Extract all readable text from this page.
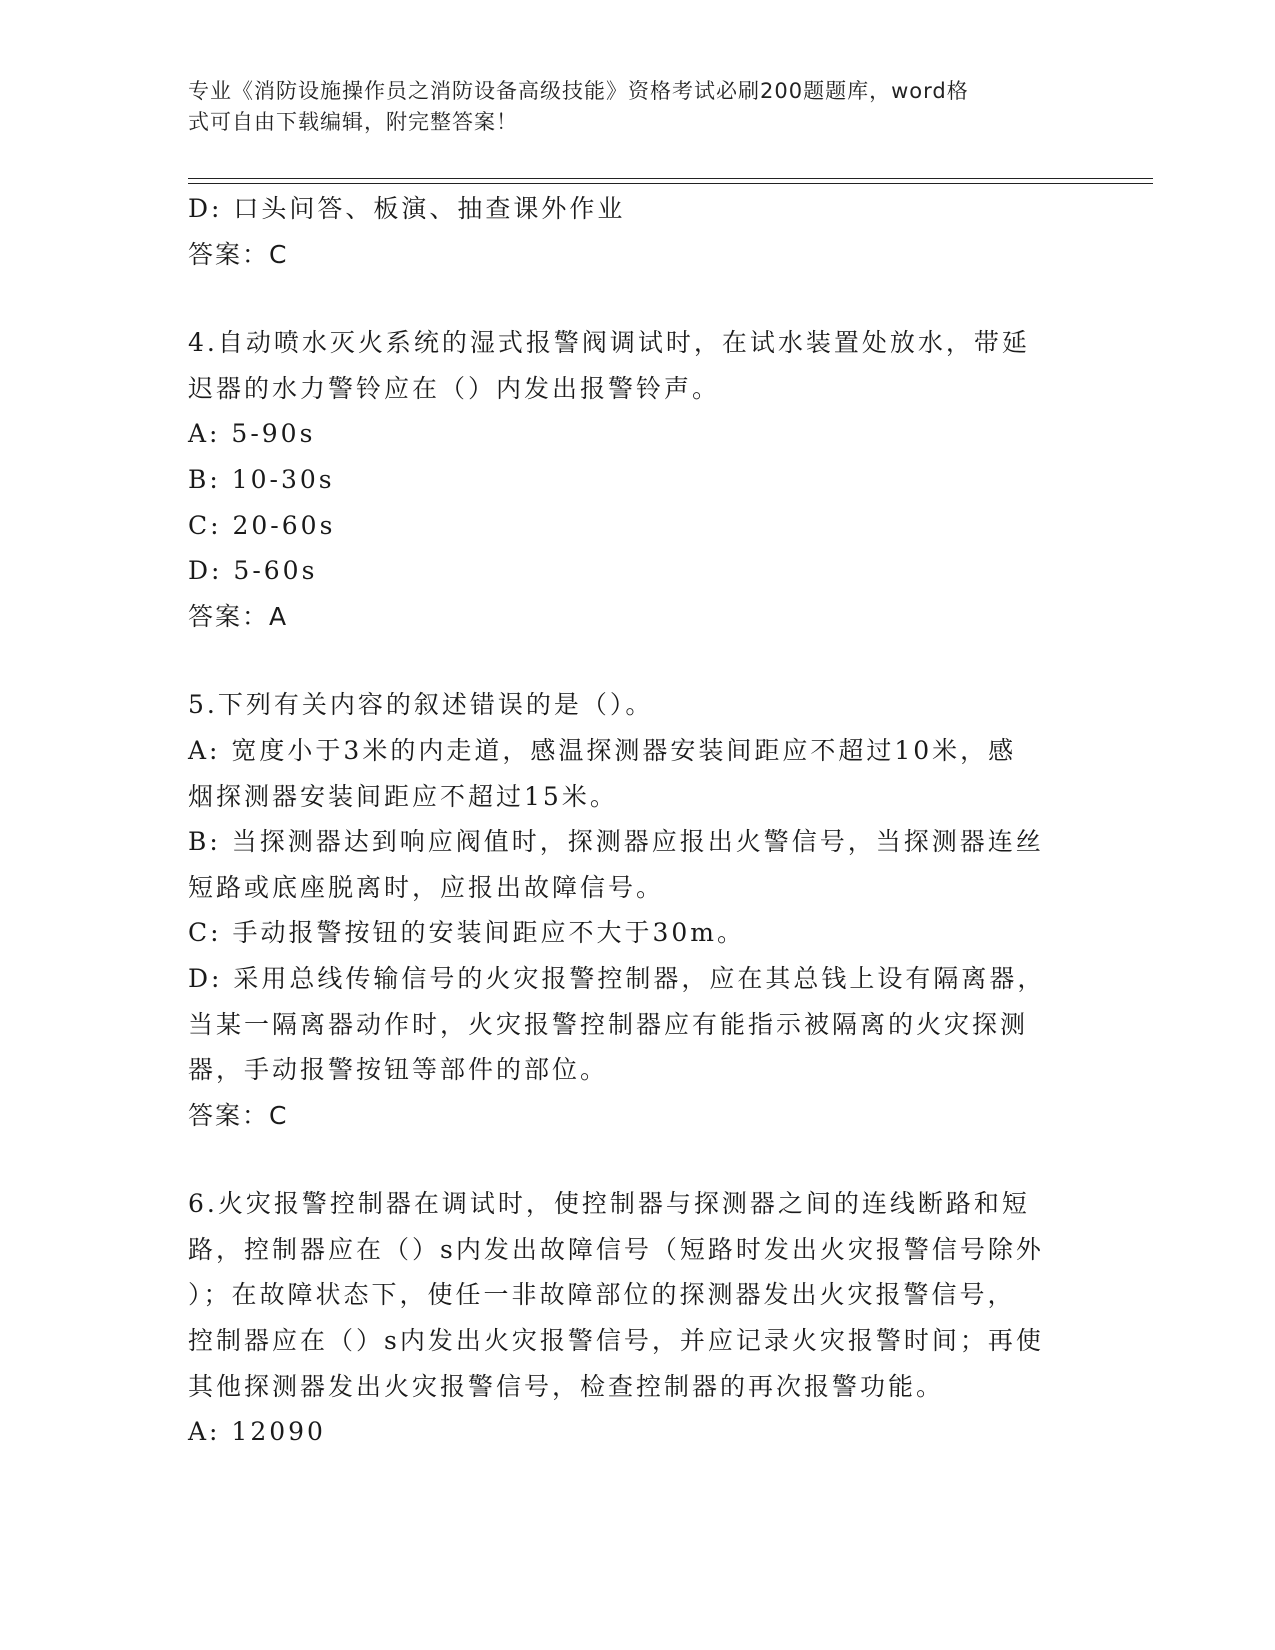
专业《消防设施操作员之消防设备高级技能》资格考试必刷200题题库，word格
式可自由下载编辑，附完整答案！
D: 口头问答、板演、抽查课外作业
答案：C
4.自动喷水灭火系统的湿式报警阀调试时，在试水装置处放水，带延
迟器的水力警铃应在（）内发出报警铃声。
A: 5-90s
B: 10-30s
C: 20-60s
D: 5-60s
答案：A
5.下列有关内容的叙述错误的是（）。
A: 宽度小于3米的内走道，感温探测器安装间距应不超过10米，感
烟探测器安装间距应不超过15米。
B: 当探测器达到响应阀值时，探测器应报出火警信号，当探测器连丝
短路或底座脱离时，应报出故障信号。
C: 手动报警按钮的安装间距应不大于30m。
D: 采用总线传输信号的火灾报警控制器，应在其总钱上设有隔离器，
当某一隔离器动作时，火灾报警控制器应有能指示被隔离的火灾探测
器，手动报警按钮等部件的部位。
答案：C
6.火灾报警控制器在调试时，使控制器与探测器之间的连线断路和短
路，控制器应在（）s内发出故障信号（短路时发出火灾报警信号除外
）；在故障状态下，使任一非故障部位的探测器发出火灾报警信号，
控制器应在（）s内发出火灾报警信号，并应记录火灾报警时间；再使
其他探测器发出火灾报警信号，检查控制器的再次报警功能。
A: 12090
